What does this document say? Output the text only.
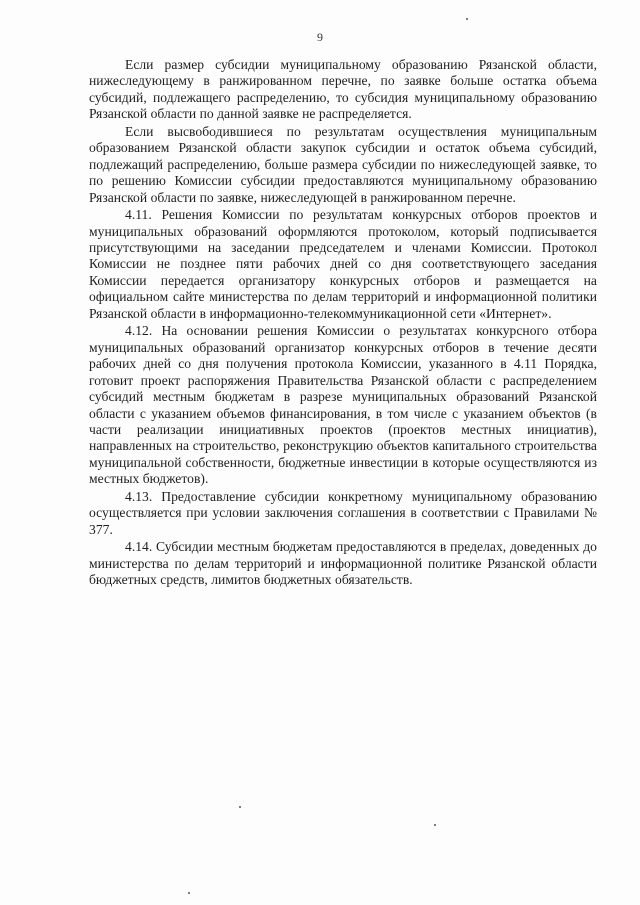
9

Если размер субсидии муниципальному образованию Рязанской области, нижеследующему в ранжированном перечне, по заявке больше остатка объема субсидий, подлежащего распределению, то субсидия муниципальному образованию Рязанской области по данной заявке не распределяется.

Если высвободившиеся по результатам осуществления муниципальным образованием Рязанской области закупок субсидии и остаток объема субсидий, подлежащий распределению, больше размера субсидии по нижеследующей заявке, то по решению Комиссии субсидии предоставляются муниципальному образованию Рязанской области по заявке, нижеследующей в ранжированном перечне.

4.11. Решения Комиссии по результатам конкурсных отборов проектов и муниципальных образований оформляются протоколом, который подписывается присутствующими на заседании председателем и членами Комиссии. Протокол Комиссии не позднее пяти рабочих дней со дня соответствующего заседания Комиссии передается организатору конкурсных отборов и размещается на официальном сайте министерства по делам территорий и информационной политики Рязанской области в информационно-телекоммуникационной сети «Интернет».

4.12. На основании решения Комиссии о результатах конкурсного отбора муниципальных образований организатор конкурсных отборов в течение десяти рабочих дней со дня получения протокола Комиссии, указанного в 4.11 Порядка, готовит проект распоряжения Правительства Рязанской области с распределением субсидий местным бюджетам в разрезе муниципальных образований Рязанской области с указанием объемов финансирования, в том числе с указанием объектов (в части реализации инициативных проектов (проектов местных инициатив), направленных на строительство, реконструкцию объектов капитального строительства муниципальной собственности, бюджетные инвестиции в которые осуществляются из местных бюджетов).

4.13. Предоставление субсидии конкретному муниципальному образованию осуществляется при условии заключения соглашения в соответствии с Правилами № 377.

4.14. Субсидии местным бюджетам предоставляются в пределах, доведенных до министерства по делам территорий и информационной политике Рязанской области бюджетных средств, лимитов бюджетных обязательств.
